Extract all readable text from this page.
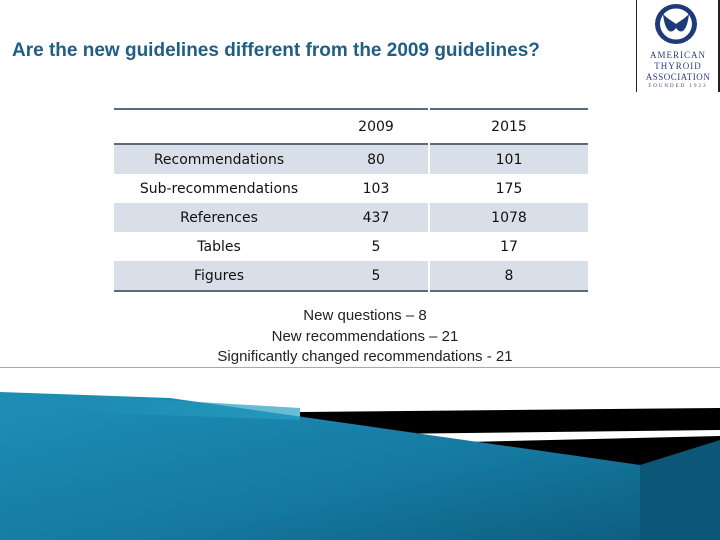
Are the new guidelines different from the 2009 guidelines?	AMERICAN
THYROID
ASSOCIATION
FOUNDED 1923
	2009	2015
Recommendations	80	101
Sub-recommendations	103	175
References	437	1078
Tables	5	17
Figures	5	8
New questions – 8
New recommendations – 21
Significantly changed recommendations - 21
